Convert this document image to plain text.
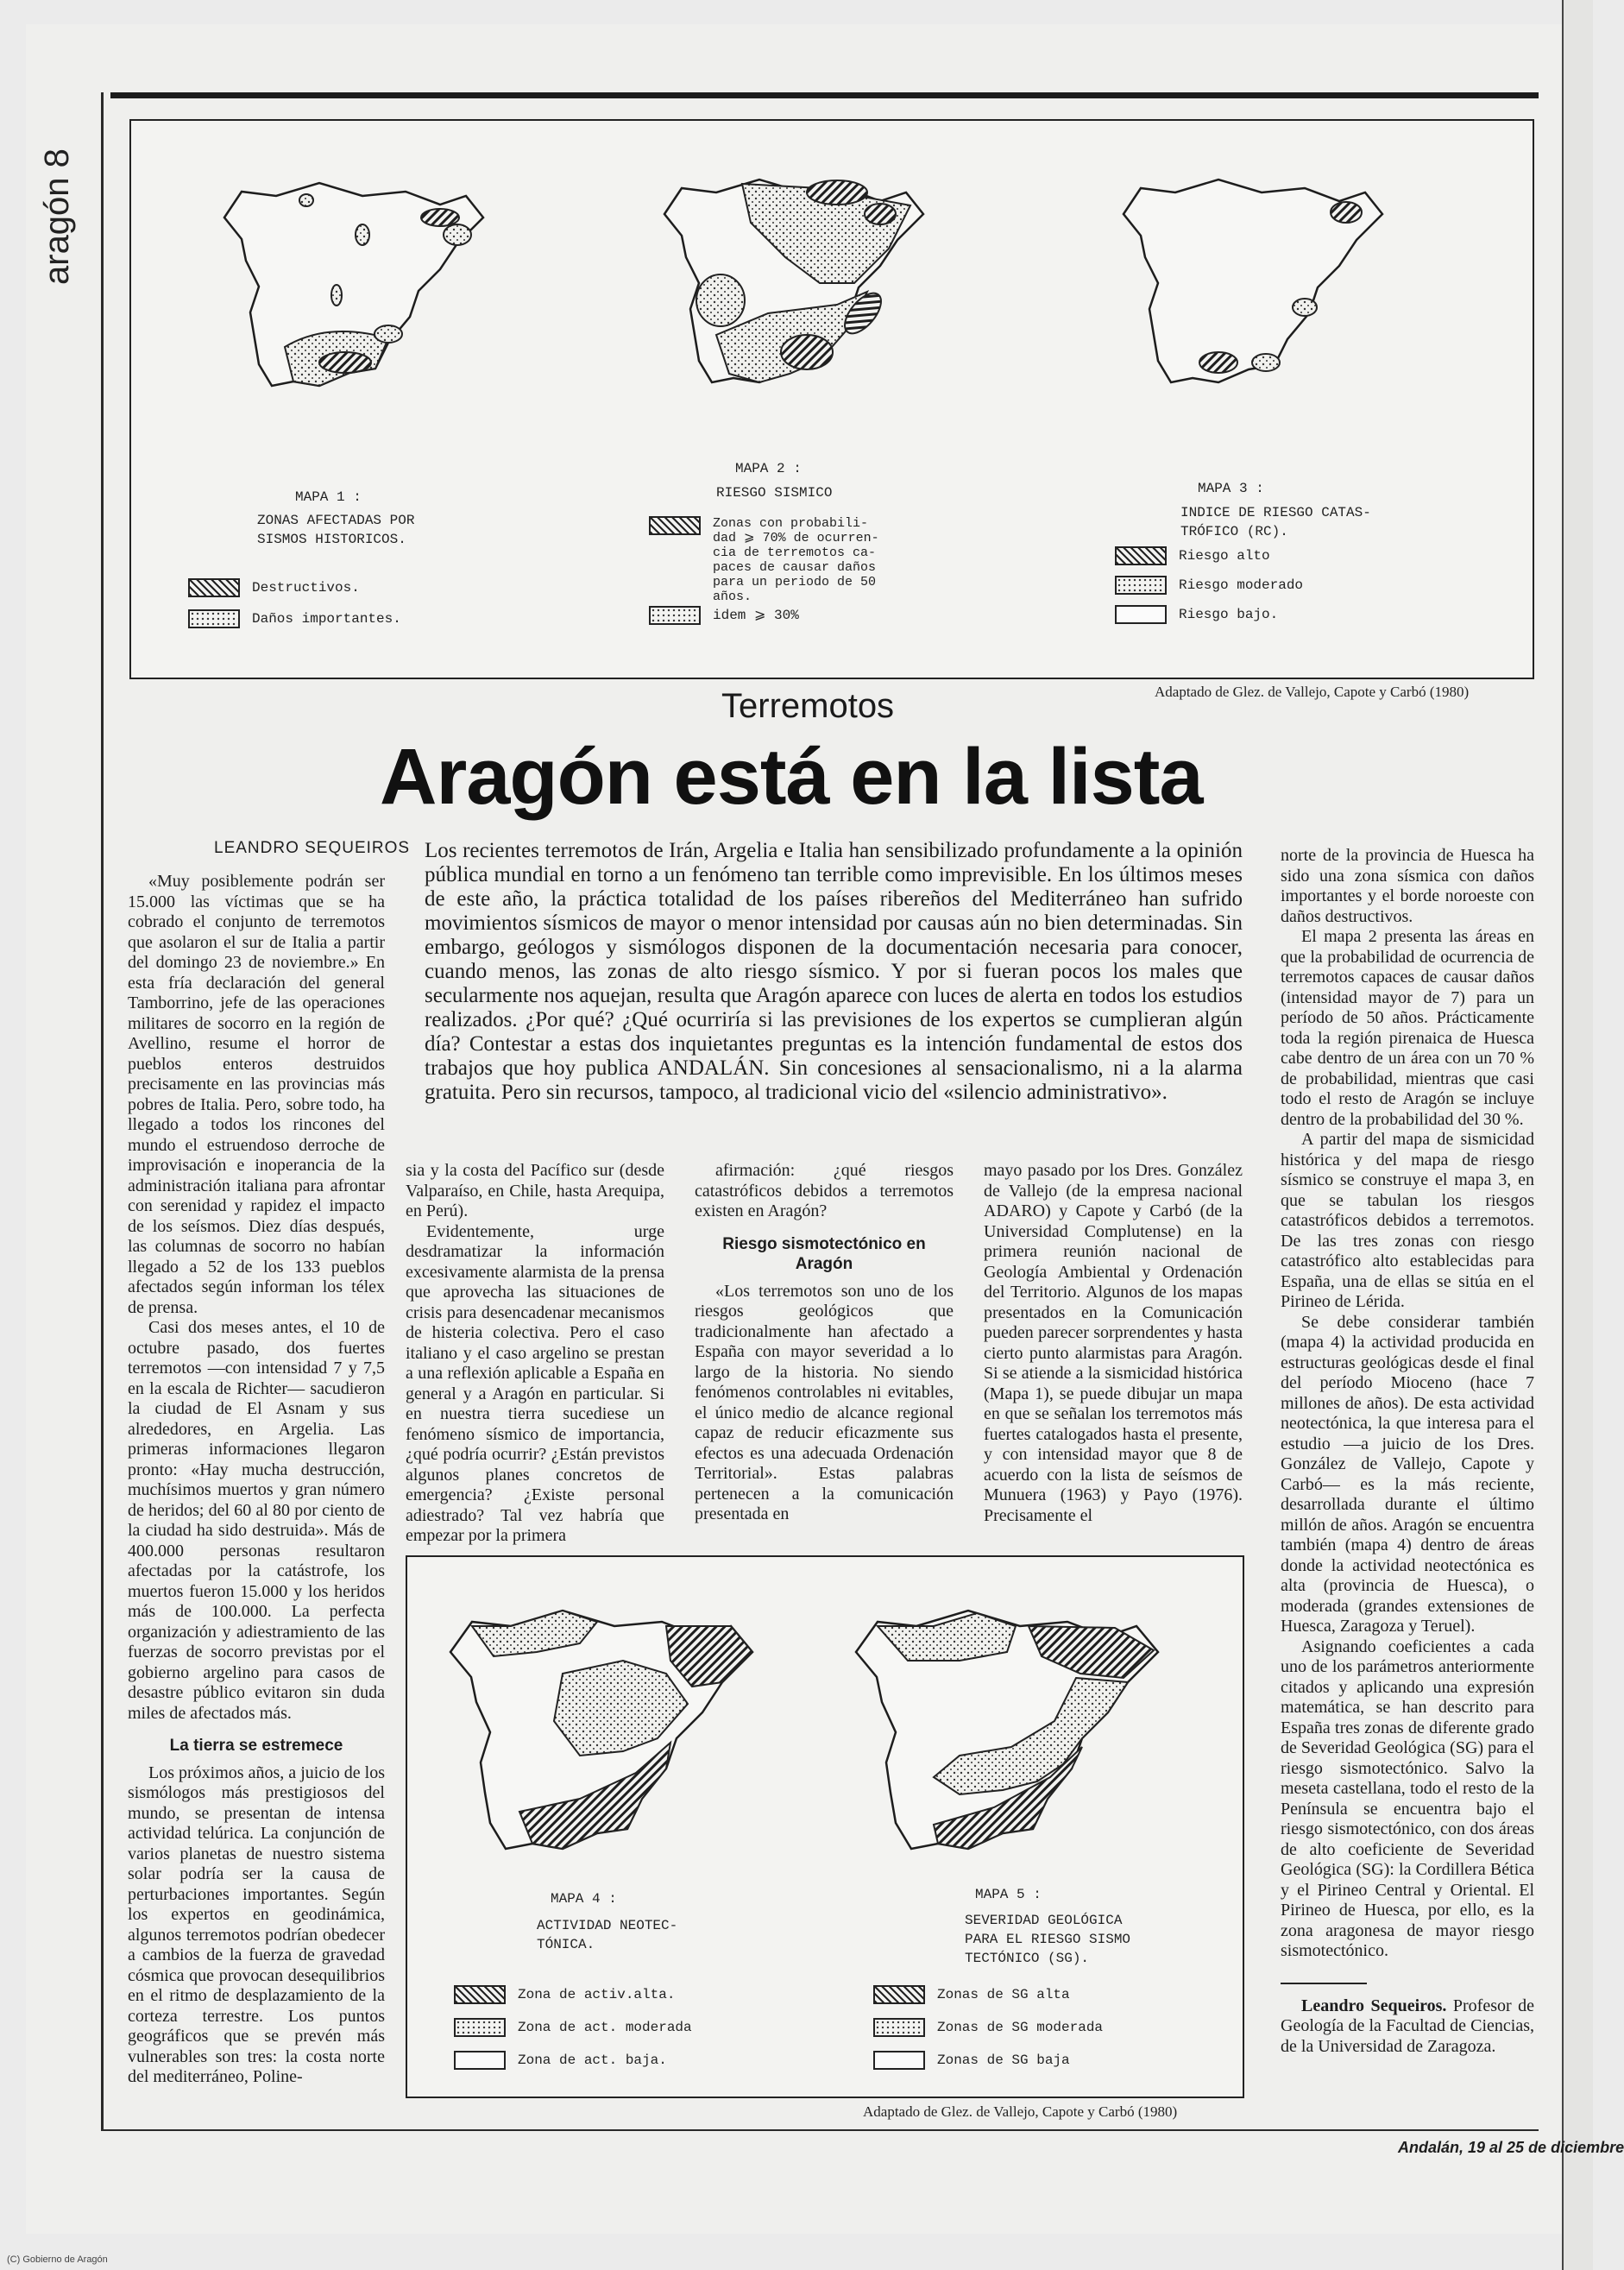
aragón 8
MAPA 1 :
ZONAS AFECTADAS POR
SISMOS HISTORICOS.
Destructivos.
Daños importantes.
MAPA 2 :
RIESGO SISMICO
Zonas con probabili-
dad ⩾ 70% de ocurren-
cia de terremotos ca-
paces de causar daños
para un periodo de 50
años.
idem ⩾ 30%
MAPA 3 :
INDICE DE RIESGO CATAS-
TRÓFICO (RC).
Riesgo alto
Riesgo moderado
Riesgo bajo.
Adaptado de Glez. de Vallejo, Capote y Carbó (1980)
Terremotos
Aragón está en la lista
LEANDRO SEQUEIROS Los recientes terremotos de Irán, Argelia e Italia han sensibilizado profundamente a la opinión pública mundial en torno a un fenómeno tan terrible como imprevisible. En los últimos meses de este año, la práctica totalidad de los países ribereños del Mediterráneo han sufrido movimientos sísmicos de mayor o menor intensidad por causas aún no bien determinadas. Sin embargo, geólogos y sismólogos disponen de la documentación necesaria para conocer, cuando menos, las zonas de alto riesgo sísmico. Y por si fueran pocos los males que secularmente nos aquejan, resulta que Aragón aparece con luces de alerta en todos los estudios realizados. ¿Por qué? ¿Qué ocurriría si las previsiones de los expertos se cumplieran algún día? Contestar a estas dos inquietantes preguntas es la intención fundamental de estos dos trabajos que hoy publica ANDALÁN. Sin concesiones al sensacionalismo, ni a la alarma gratuita. Pero sin recursos, tampoco, al tradicional vicio del «silencio administrativo».

«Muy posiblemente podrán ser 15.000 las víctimas que se ha cobrado el conjunto de terremotos que asolaron el sur de Italia a partir del domingo 23 de noviembre.» En esta fría declaración del general Tamborrino, jefe de las operaciones militares de socorro en la región de Avellino, resume el horror de pueblos enteros destruidos precisamente en las provincias más pobres de Italia. Pero, sobre todo, ha llegado a todos los rincones del mundo el estruendoso derroche de improvisación e inoperancia de la administración italiana para afrontar con serenidad y rapidez el impacto de los seísmos. Diez días después, las columnas de socorro no habían llegado a 52 de los 133 pueblos afectados según informan los télex de prensa.

Casi dos meses antes, el 10 de octubre pasado, dos fuertes terremotos —con intensidad 7 y 7,5 en la escala de Richter— sacudieron la ciudad de El Asnam y sus alrededores, en Argelia. Las primeras informaciones llegaron pronto: «Hay mucha destrucción, muchísimos muertos y gran número de heridos; del 60 al 80 por ciento de la ciudad ha sido destruida». Más de 400.000 personas resultaron afectadas por la catástrofe, los muertos fueron 15.000 y los heridos más de 100.000. La perfecta organización y adiestramiento de las fuerzas de socorro previstas por el gobierno argelino para casos de desastre público evitaron sin duda miles de afectados más.

La tierra se estremece

Los próximos años, a juicio de los sismólogos más prestigiosos del mundo, se presentan de intensa actividad telúrica. La conjunción de varios planetas de nuestro sistema solar podría ser la causa de perturbaciones importantes. Según los expertos en geodinámica, algunos terremotos podrían obedecer a cambios de la fuerza de gravedad cósmica que provocan desequilibrios en el ritmo de desplazamiento de la corteza terrestre. Los puntos geográficos que se prevén más vulnerables son tres: la costa norte del mediterráneo, Poline-

sia y la costa del Pacífico sur (desde Valparaíso, en Chile, hasta Arequipa, en Perú).

Evidentemente, urge desdramatizar la información excesivamente alarmista de la prensa que aprovecha las situaciones de crisis para desencadenar mecanismos de histeria colectiva. Pero el caso italiano y el caso argelino se prestan a una reflexión aplicable a España en general y a Aragón en particular. Si en nuestra tierra sucediese un fenómeno sísmico de importancia, ¿qué podría ocurrir? ¿Están previstos algunos planes concretos de emergencia? ¿Existe personal adiestrado? Tal vez habría que empezar por la primera

afirmación: ¿qué riesgos catastróficos debidos a terremotos existen en Aragón?

Riesgo sismotectónico en Aragón

«Los terremotos son uno de los riesgos geológicos que tradicionalmente han afectado a España con mayor severidad a lo largo de la historia. No siendo fenómenos controlables ni evitables, el único medio de alcance regional capaz de reducir eficazmente sus efectos es una adecuada Ordenación Territorial». Estas palabras pertenecen a la comunicación presentada en

mayo pasado por los Dres. González de Vallejo (de la empresa nacional ADARO) y Capote y Carbó (de la Universidad Complutense) en la primera reunión nacional de Geología Ambiental y Ordenación del Territorio. Algunos de los mapas presentados en la Comunicación pueden parecer sorprendentes y hasta cierto punto alarmistas para Aragón. Si se atiende a la sismicidad histórica (Mapa 1), se puede dibujar un mapa en que se señalan los terremotos más fuertes catalogados hasta el presente, y con intensidad mayor que 8 de acuerdo con la lista de seísmos de Munuera (1963) y Payo (1976). Precisamente el

norte de la provincia de Huesca ha sido una zona sísmica con daños importantes y el borde noroeste con daños destructivos.

El mapa 2 presenta las áreas en que la probabilidad de ocurrencia de terremotos capaces de causar daños (intensidad mayor de 7) para un período de 50 años. Prácticamente toda la región pirenaica de Huesca cabe dentro de un área con un 70 % de probabilidad, mientras que casi todo el resto de Aragón se incluye dentro de la probabilidad del 30 %.

A partir del mapa de sismicidad histórica y del mapa de riesgo sísmico se construye el mapa 3, en que se tabulan los riesgos catastróficos debidos a terremotos. De las tres zonas con riesgo catastrófico alto establecidas para España, una de ellas se sitúa en el Pirineo de Lérida.

Se debe considerar también (mapa 4) la actividad producida en estructuras geológicas desde el final del período Mioceno (hace 7 millones de años). De esta actividad neotectónica, la que interesa para el estudio —a juicio de los Dres. González de Vallejo, Capote y Carbó— es la más reciente, desarrollada durante el último millón de años. Aragón se encuentra también (mapa 4) dentro de áreas donde la actividad neotectónica es alta (provincia de Huesca), o moderada (grandes extensiones de Huesca, Zaragoza y Teruel).

Asignando coeficientes a cada uno de los parámetros anteriormente citados y aplicando una expresión matemática, se han descrito para España tres zonas de diferente grado de Severidad Geológica (SG) para el riesgo sismotectónico. Salvo la meseta castellana, todo el resto de la Península se encuentra bajo el riesgo sismotectónico, con dos áreas de alto coeficiente de Severidad Geológica (SG): la Cordillera Bética y el Pirineo Central y Oriental. El Pirineo de Huesca, por ello, es la zona aragonesa de mayor riesgo sismotectónico.

Leandro Sequeiros. Profesor de Geología de la Facultad de Ciencias, de la Universidad de Zaragoza.

MAPA 4 :
ACTIVIDAD NEOTEC-
TÓNICA.
Zona de activ.alta.
Zona de act. moderada
Zona de act. baja.
MAPA 5 :
SEVERIDAD GEOLÓGICA
PARA EL RIESGO SISMO
TECTÓNICO (SG).
Zonas de SG alta
Zonas de SG moderada
Zonas de SG baja
Adaptado de Glez. de Vallejo, Capote y Carbó (1980)
Andalán, 19 al 25 de diciembre
(C) Gobierno de Aragón
